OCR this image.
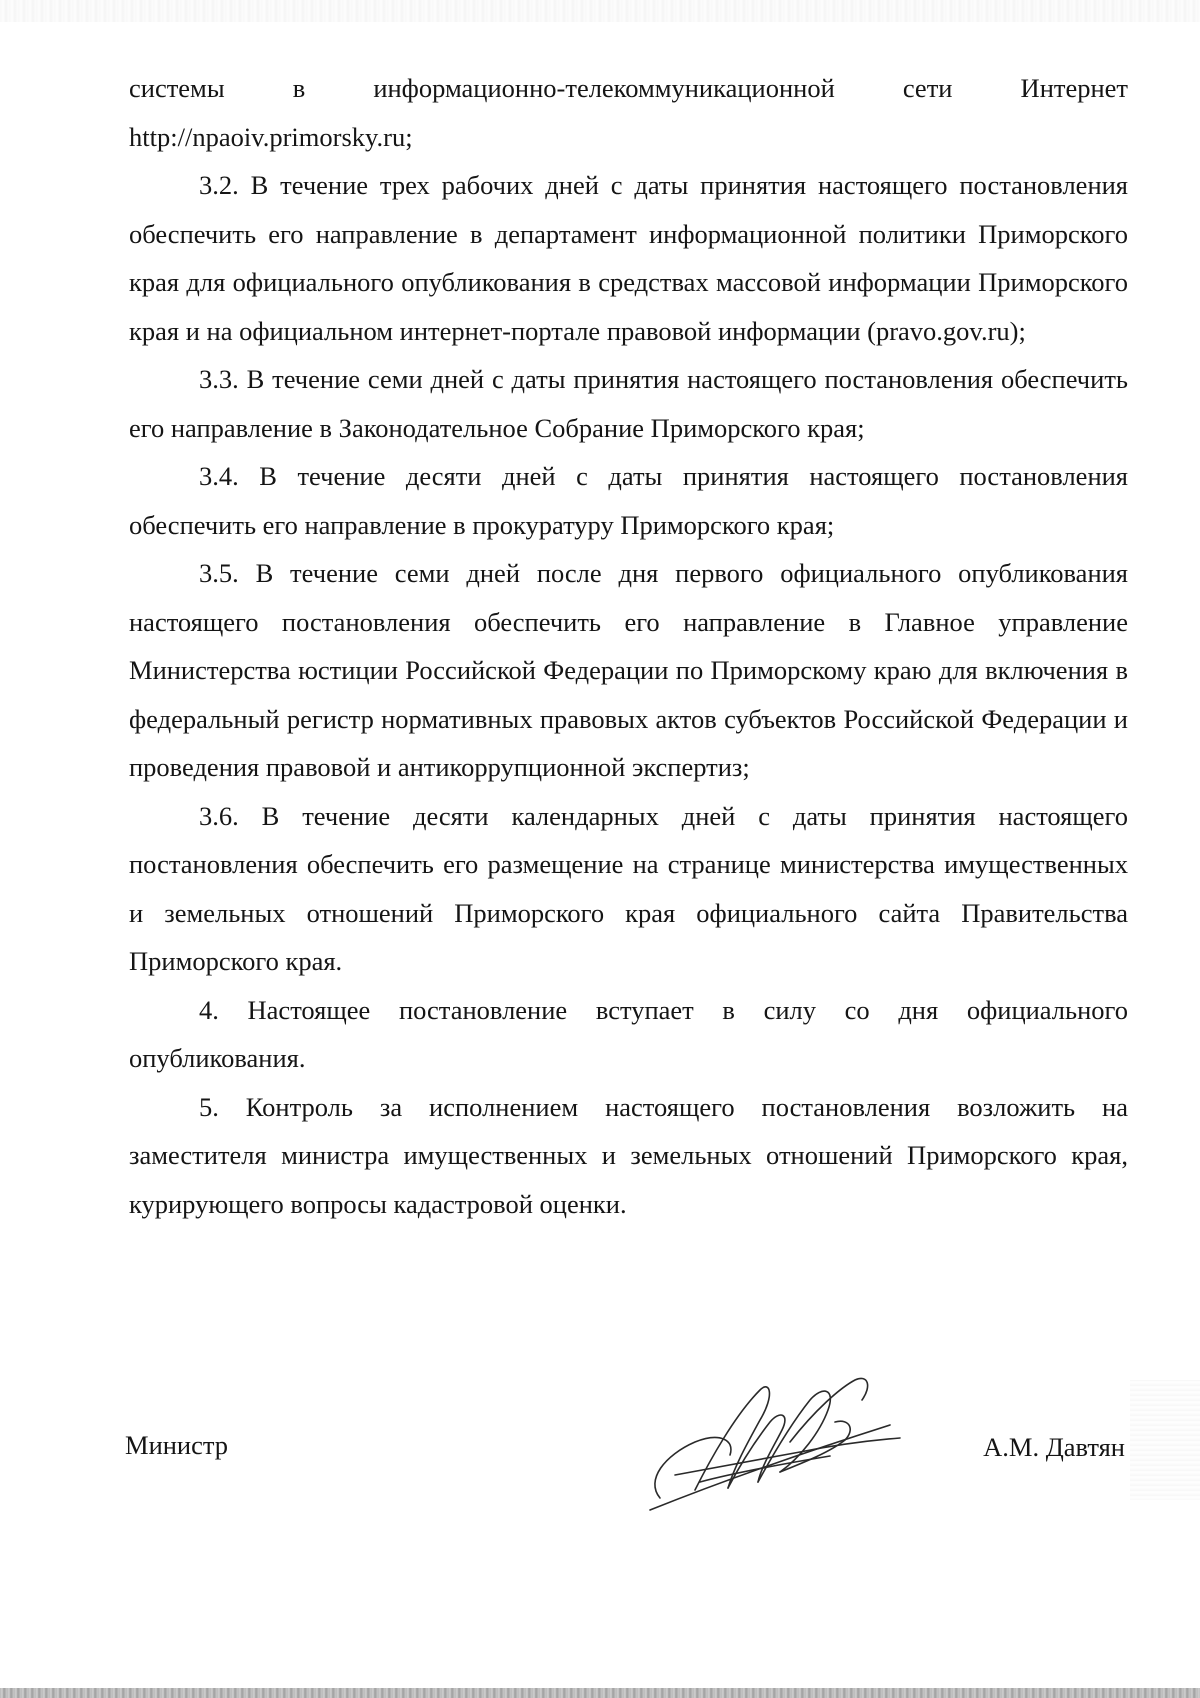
системы в информационно-телекоммуникационной сети Интернет http://npaoiv.primorsky.ru;

3.2. В течение трех рабочих дней с даты принятия настоящего постановления обеспечить его направление в департамент информационной политики Приморского края для официального опубликования в средствах массовой информации Приморского края и на официальном интернет-портале правовой информации (pravo.gov.ru);

3.3. В течение семи дней с даты принятия настоящего постановления обеспечить его направление в Законодательное Собрание Приморского края;

3.4. В течение десяти дней с даты принятия настоящего постановления обеспечить его направление в прокуратуру Приморского края;

3.5. В течение семи дней после дня первого официального опубликования настоящего постановления обеспечить его направление в Главное управление Министерства юстиции Российской Федерации по Приморскому краю для включения в федеральный регистр нормативных правовых актов субъектов Российской Федерации и проведения правовой и антикоррупционной экспертиз;

3.6. В течение десяти календарных дней с даты принятия настоящего постановления обеспечить его размещение на странице министерства имущественных и земельных отношений Приморского края официального сайта Правительства Приморского края.

4. Настоящее постановление вступает в силу со дня официального опубликования.

5. Контроль за исполнением настоящего постановления возложить на заместителя министра имущественных и земельных отношений Приморского края, курирующего вопросы кадастровой оценки.

Министр	А.М. Давтян
